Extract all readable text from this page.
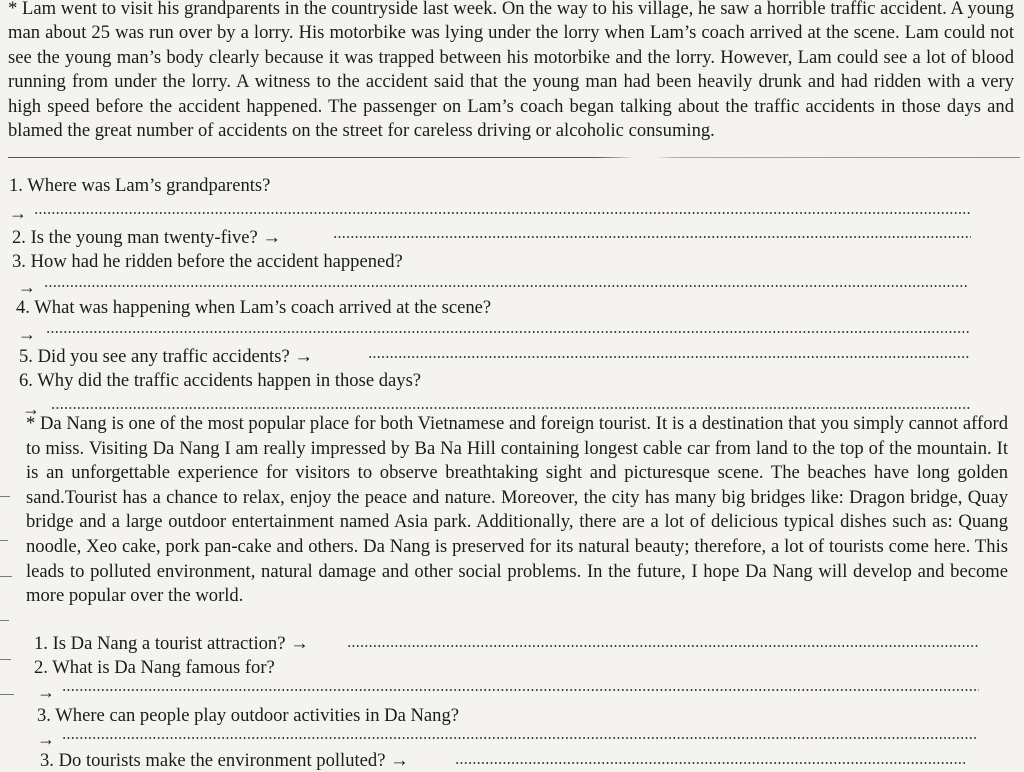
* Lam went to visit his grandparents in the countryside last week. On the way to his village, he saw a horrible traffic accident. A young man about 25 was run over by a lorry. His motorbike was lying under the lorry when Lam’s coach arrived at the scene. Lam could not see the young man’s body clearly because it was trapped between his motorbike and the lorry. However, Lam could see a lot of blood running from under the lorry. A witness to the accident said that the young man had been heavily drunk and had ridden with a very high speed before the accident happened. The passenger on Lam’s coach began talking about the traffic accidents in those days and blamed the great number of accidents on the street for careless driving or alcoholic consuming.

1. Where was Lam’s grandparents?
→
2. Is the young man twenty-five? →
3. How had he ridden before the accident happened?
→
4. What was happening when Lam’s coach arrived at the scene?
→
5. Did you see any traffic accidents? →
6. Why did the traffic accidents happen in those days?
→

* Da Nang is one of the most popular place for both Vietnamese and foreign tourist. It is a destination that you simply cannot afford to miss. Visiting Da Nang I am really impressed by Ba Na Hill containing longest cable car from land to the top of the mountain. It is an unforgettable experience for visitors to observe breathtaking sight and picturesque scene. The beaches have long golden sand.Tourist has a chance to relax, enjoy the peace and nature. Moreover, the city has many big bridges like: Dragon bridge, Quay bridge and a large outdoor entertainment named Asia park. Additionally, there are a lot of delicious typical dishes such as: Quang noodle, Xeo cake, pork pan-cake and others. Da Nang is preserved for its natural beauty; therefore, a lot of tourists come here. This leads to polluted environment, natural damage and other social problems. In the future, I hope Da Nang will develop and become more popular over the world.

1. Is Da Nang a tourist attraction? →
2. What is Da Nang famous for?
→
3. Where can people play outdoor activities in Da Nang?
→
3. Do tourists make the environment polluted? →
